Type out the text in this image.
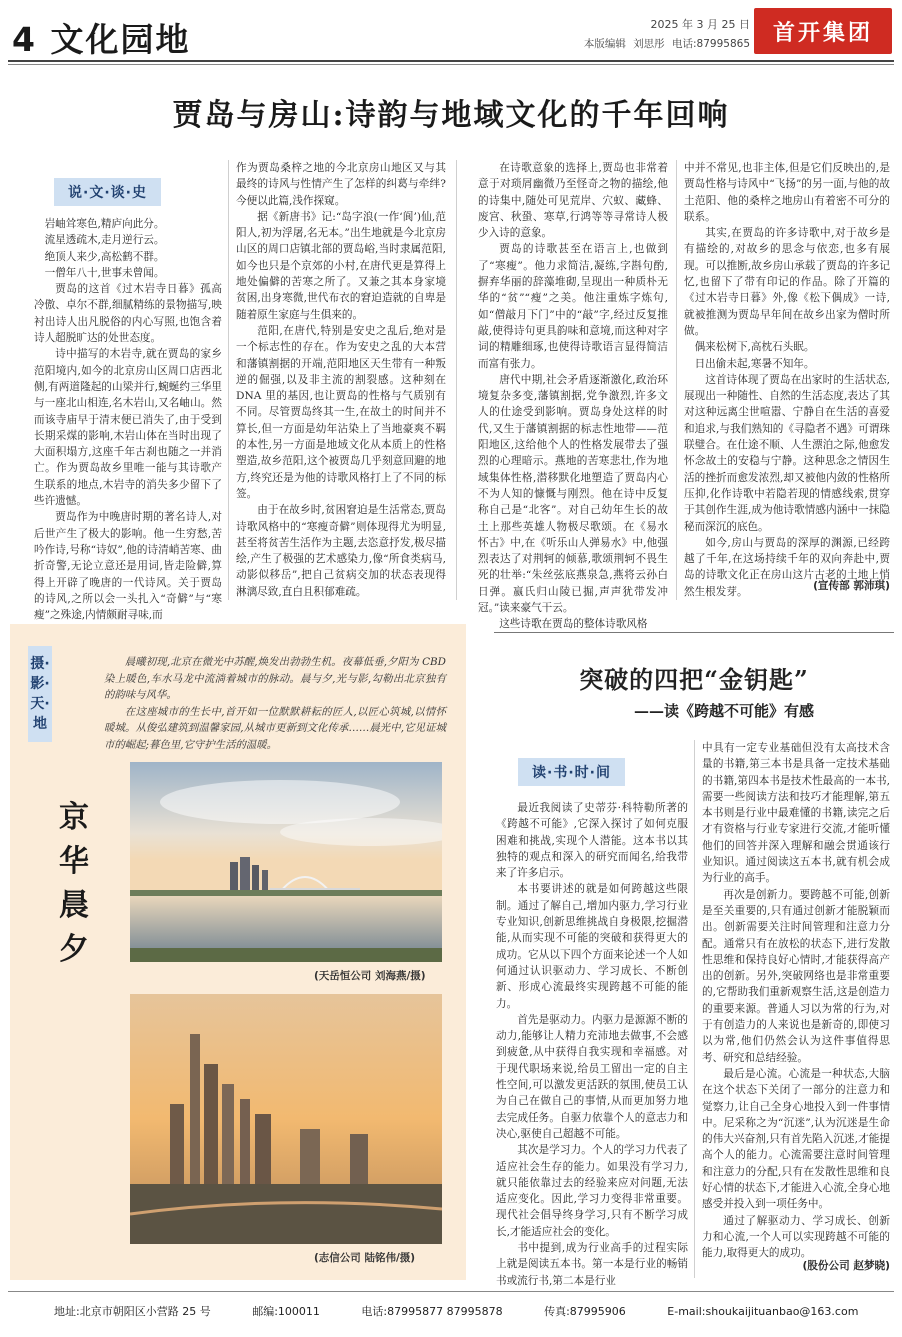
4 文化园地	2025 年 3 月 25 日
本版编辑 刘思彤 电话:87995865	首开集团
贾岛与房山:诗韵与地域文化的千年回响
说·文·谈·史

岩岫耸寒色,精庐向此分。

流星透疏木,走月逆行云。

绝顶人来少,高松鹤不群。

一僧年八十,世事未曾闻。

贾岛的这首《过木岩寺日暮》孤高冷傲、卓尔不群,细腻精练的景物描写,映衬出诗人出凡脱俗的内心写照,也饱含着诗人超脱旷达的处世态度。

诗中描写的木岩寺,就在贾岛的家乡范阳境内,如今的北京房山区周口店西北侧,有两道隆起的山梁并行,蜿蜒约三华里与一座北山相连,名木岩山,又名岫山。然而该寺庙早于清末便已消失了,由于受到长期采煤的影响,木岩山体在当时出现了大面积塌方,这座千年古刹也随之一并消亡。作为贾岛故乡里唯一能与其诗歌产生联系的地点,木岩寺的消失多少留下了些许遗憾。

贾岛作为中晚唐时期的著名诗人,对后世产生了极大的影响。他一生穷愁,苦吟作诗,号称“诗奴”,他的诗清峭苦寒、曲折奇警,无论立意还是用词,皆走险僻,算得上开辟了晚唐的一代诗风。关于贾岛的诗风,之所以会一头扎入“奇僻”与“寒瘦”之殊途,内情颇耐寻味,而

作为贾岛桑梓之地的今北京房山地区又与其最终的诗风与性情产生了怎样的纠葛与牵绊?今便以此篇,浅作探窥。

据《新唐书》记:“岛字浪(一作‘阆’)仙,范阳人,初为浮屠,名无本。”出生地就是今北京房山区的周口店镇北部的贾岛峪,当时隶属范阳,如今也只是个京郊的小村,在唐代更是算得上地处偏僻的苦寒之所了。又兼之其本身家境贫困,出身寒微,世代布衣的窘迫造就的自卑是随着原生家庭与生俱来的。

范阳,在唐代,特别是安史之乱后,绝对是一个标志性的存在。作为安史之乱的大本营和藩镇割据的开端,范阳地区天生带有一种叛逆的倔强,以及非主流的割裂感。这种刻在 DNA 里的基因,也让贾岛的性格与气质别有不同。尽管贾岛终其一生,在故土的时间并不算长,但一方面是幼年沾染上了当地豪爽不羁的本性,另一方面是地域文化从本质上的性格塑造,故乡范阳,这个被贾岛几乎刻意回避的地方,终究还是为他的诗歌风格打上了不同的标签。

由于在故乡时,贫困窘迫是生活常态,贾岛诗歌风格中的“寒瘦奇僻”则体现得尤为明显,甚至将贫苦生活作为主题,去恣意抒发,极尽描绘,产生了极强的艺术感染力,像“所食类病马,动影似移岳”,把自己贫病交加的状态表现得淋漓尽致,直白且积郁难疏。

在诗歌意象的选择上,贾岛也非常着意于对琐屑幽微乃至怪奇之物的描绘,他的诗集中,随处可见荒岸、穴蚁、藏蜂、废宫、秋蛩、寒草,行鸿等等寻常诗人极少入诗的意象。

贾岛的诗歌甚至在语言上,也做到了“寒瘦”。他力求简洁,凝练,字斟句酌,摒弃华丽的辞藻堆砌,呈现出一种质朴无华的“贫”“瘦”之美。他注重炼字炼句,如“僧敲月下门”中的“敲”字,经过反复推敲,使得诗句更具韵味和意境,而这种对字词的精雕细琢,也使得诗歌语言显得简洁而富有张力。

唐代中期,社会矛盾逐渐激化,政治环境复杂多变,藩镇割据,党争激烈,许多文人的仕途受到影响。贾岛身处这样的时代,又生于藩镇割据的标志性地带——范阳地区,这给他个人的性格发展带去了强烈的心理暗示。燕地的苦寒悲壮,作为地域集体性格,潜移默化地塑造了贾岛内心不为人知的慷慨与刚烈。他在诗中反复称自己是“北客”。对自己幼年生长的故土上那些英雄人物极尽歌颂。在《易水怀古》中,在《听乐山人弹易水》中,他强烈表达了对荆轲的倾慕,歌颂荆轲不畏生死的壮举:“朱丝弦底燕泉急,燕将云孙白日弹。嬴氏归山陵已掘,声声犹带发冲冠。”读来豪气干云。

这些诗歌在贾岛的整体诗歌风格

中并不常见,也非主体,但是它们反映出的,是贾岛性格与诗风中“飞扬”的另一面,与他的故土范阳、他的桑梓之地房山有着密不可分的联系。

其实,在贾岛的许多诗歌中,对于故乡是有描绘的,对故乡的思念与依恋,也多有展现。可以推断,故乡房山承载了贾岛的许多记忆,也留下了带有印记的作品。除了开篇的《过木岩寺日暮》外,像《松下偶成》一诗,就被推测为贾岛早年间在故乡出家为僧时所做。

偶来松树下,高枕石头眠。

日出偷未起,寒暑不知年。

这首诗体现了贾岛在出家时的生活状态,展现出一种随性、自然的生活态度,表达了其对这种远离尘世喧嚣、宁静自在生活的喜爱和追求,与我们熟知的《寻隐者不遇》可谓珠联璧合。在仕途不顺、人生漂泊之际,他愈发怀念故土的安稳与宁静。这种思念之情因生活的挫折而愈发浓烈,却又被他内敛的性格所压抑,化作诗歌中若隐若现的情感线索,贯穿于其创作生涯,成为他诗歌情感内涵中一抹隐秘而深沉的底色。

如今,房山与贾岛的深厚的渊源,已经跨越了千年,在这场持续千年的双向奔赴中,贾岛的诗歌文化正在房山这片古老的土地上悄然生根发芽。	(宣传部 郭沛琪)

摄·影·天·地
京华晨夕

晨曦初现,北京在微光中苏醒,焕发出勃勃生机。夜幕低垂,夕阳为 CBD 染上暖色,车水马龙中流淌着城市的脉动。晨与夕,光与影,勾勒出北京独有的韵味与风华。

在这座城市的生长中,首开如一位默默耕耘的匠人,以匠心筑城,以情怀暖城。从俊弘建筑到温馨家园,从城市更新到文化传承……晨光中,它见证城市的崛起;暮色里,它守护生活的温暖。

(天岳恒公司 刘海燕/摄)
(志信公司 陆铭伟/摄)
突破的四把“金钥匙”
——读《跨越不可能》有感
读·书·时·间

最近我阅读了史蒂芬·科特勒所著的《跨越不可能》,它深入探讨了如何克服困难和挑战,实现个人潜能。这本书以其独特的观点和深入的研究而闻名,给我带来了许多启示。

本书要讲述的就是如何跨越这些限制。通过了解自己,增加内驱力,学习行业专业知识,创新思维挑战自身极限,挖掘潜能,从而实现不可能的突破和获得更大的成功。它从以下四个方面来论述一个人如何通过认识驱动力、学习成长、不断创新、形成心流最终实现跨越不可能的能力。

首先是驱动力。内驱力是源源不断的动力,能够让人精力充沛地去做事,不会感到疲惫,从中获得自我实现和幸福感。对于现代职场来说,给员工留出一定的自主性空间,可以激发更活跃的氛围,使员工认为自己在做自己的事情,从而更加努力地去完成任务。自驱力依靠个人的意志力和决心,驱使自己超越不可能。

其次是学习力。个人的学习力代表了适应社会生存的能力。如果没有学习力,就只能依靠过去的经验来应对问题,无法适应变化。因此,学习力变得非常重要。现代社会倡导终身学习,只有不断学习成长,才能适应社会的变化。

书中提到,成为行业高手的过程实际上就是阅读五本书。第一本是行业的畅销书或流行书,第二本是行业

中具有一定专业基础但没有太高技术含量的书籍,第三本书是具备一定技术基础的书籍,第四本书是技术性最高的一本书,需要一些阅读方法和技巧才能理解,第五本书则是行业中最难懂的书籍,读完之后才有资格与行业专家进行交流,才能听懂他们的回答并深入理解和融会贯通该行业知识。通过阅读这五本书,就有机会成为行业的高手。

再次是创新力。要跨越不可能,创新是至关重要的,只有通过创新才能脱颖而出。创新需要关注时间管理和注意力分配。通常只有在放松的状态下,进行发散性思维和保持良好心情时,才能获得高产出的创新。另外,突破网络也是非常重要的,它帮助我们重新观察生活,这是创造力的重要来源。普通人习以为常的行为,对于有创造力的人来说也是新奇的,即使习以为常,他们仍然会认为这件事值得思考、研究和总结经验。

最后是心流。心流是一种状态,大脑在这个状态下关闭了一部分的注意力和觉察力,让自己全身心地投入到一件事情中。尼采称之为“沉迷”,认为沉迷是生命的伟大兴奋剂,只有首先陷入沉迷,才能提高个人的能力。心流需要注意时间管理和注意力的分配,只有在发散性思维和良好心情的状态下,才能进入心流,全身心地感受并投入到一项任务中。

通过了解驱动力、学习成长、创新力和心流,一个人可以实现跨越不可能的能力,取得更大的成功。

(股份公司 赵梦晓)

地址:北京市朝阳区小营路 25 号	邮编:100011	电话:87995877 87995878	传真:87995906	E-mail:shoukaijituanbao@163.com
